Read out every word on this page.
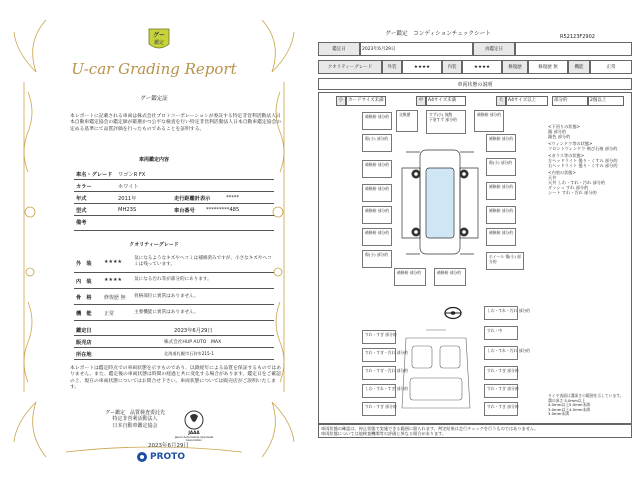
グー
鑑定
U-car Grading Report
グー鑑定証
本レポートに記載される車両は株式会社プロトコーポレーションが委託する特定非営利活動法人日本自動車鑑定協会の鑑定師が厳選かつ公平な検査を行い特定非営利活動法人日本自動車鑑定協会の定める基準にて品質評価を行ったものであることを証明する。
車両鑑定内容
車名・グレード ワゴンR FX
カラー	ホワイト
年式	2011年	走行距離計表示	*****
型式	MH23S	車台番号 *********485
備考
クオリティーグレード
外　装 ★★★★
気になるようなキズやヘコミは補修済みですが、小さなキズやヘコミは残っています。
内　装 ★★★★	気になる汚れ等が部分的にあります。
骨　格 修復歴 無 骨格部位に異常はありません。
機　能 正常	主要機能に異常はありません。
鑑定日	2023年6月29日
販売店	株式会社HUP AUTO　MAX
所在地	北海道札幌市石狩市215-1
本レポートは鑑定時点での車両状態を示すものであり、以降経年による品質を保証するものではありません。また、鑑定後の車両状態は時間の経過と共に変化する場合があります。鑑定日をご確認の上、現在の車両状態についてはお問合せ下さい。車両状態については販売店がご説明いたします。
グー鑑定　品質検査委託先
特定非営利活動法人
日本自動車鑑定協会
JAAA
Japan Automobile Appraisal Association
2023年6月29日
PROTO
R52123F2902
グー鑑定　コンディションチェックシート
鑑定日	2023年6月29日	再鑑定日
クオリティーグレード	外装	★★★★	内装	★★★★	修復歴	修復歴 無	機能	正常
車両状態の説明
小	カードサイズ未満	中	A4サイズ未満	大	A4サイズ以上	部分的	2個以上
交換歴	すず(小) 放散
下塗すず 部分的
補修跡 部分的
補修跡 部分的
傷(小) 部分的
補修跡 部分的
補修跡 部分的
補修跡 部分的
補修跡 部分的
傷(小) 部分的
補修跡 部分的
傷(小) 部分的
補修跡 部分的
補修跡 部分的
補修跡 部分的
ホイール 傷(小) 部分的
補修跡 部分的	補修跡 部分的
<下回りの状態>
錆 部分的
錆色 部分的
<ウィンドウ等の状態>
フロントウィンドウ 飛び石痕 部分的
<ガラス等の状態>
左ヘッドライト 曇り・くすみ 部分的
右ヘッドライト 曇り・くすみ 部分的
<内装の状態>
天井
天井 しわ・すれ・汚れ 部分的
ダッシュ すれ 部分的
シート すれ・汚れ 部分的
すれ・すぎ 部分的
すれ・すぎ・汚れ 部分的
すれ・すぎ・汚れ 部分的
しわ・すれ・すぎ 部分的
すれ・すぎ 部分的
しわ・すれ・汚れ 部分的
すれ・中
しわ・すれ・汚れ 部分的
すれ・すぎ 部分的
すれ・すぎ 部分的
すれ・すぎ 部分的
タイヤ表面は溝深さの範囲を示しています。
溝の深さ 5.0mm以上
4.0mm以上5.0mm未満
3.0mm以上4.0mm未満
3.0mm未満
車両状態の確認は、停止状態で実施できる範囲に限られます。判定結果は走行チェックを行うものではありません。
車両状態については他検査機関等の評価と異なる場合があります。
